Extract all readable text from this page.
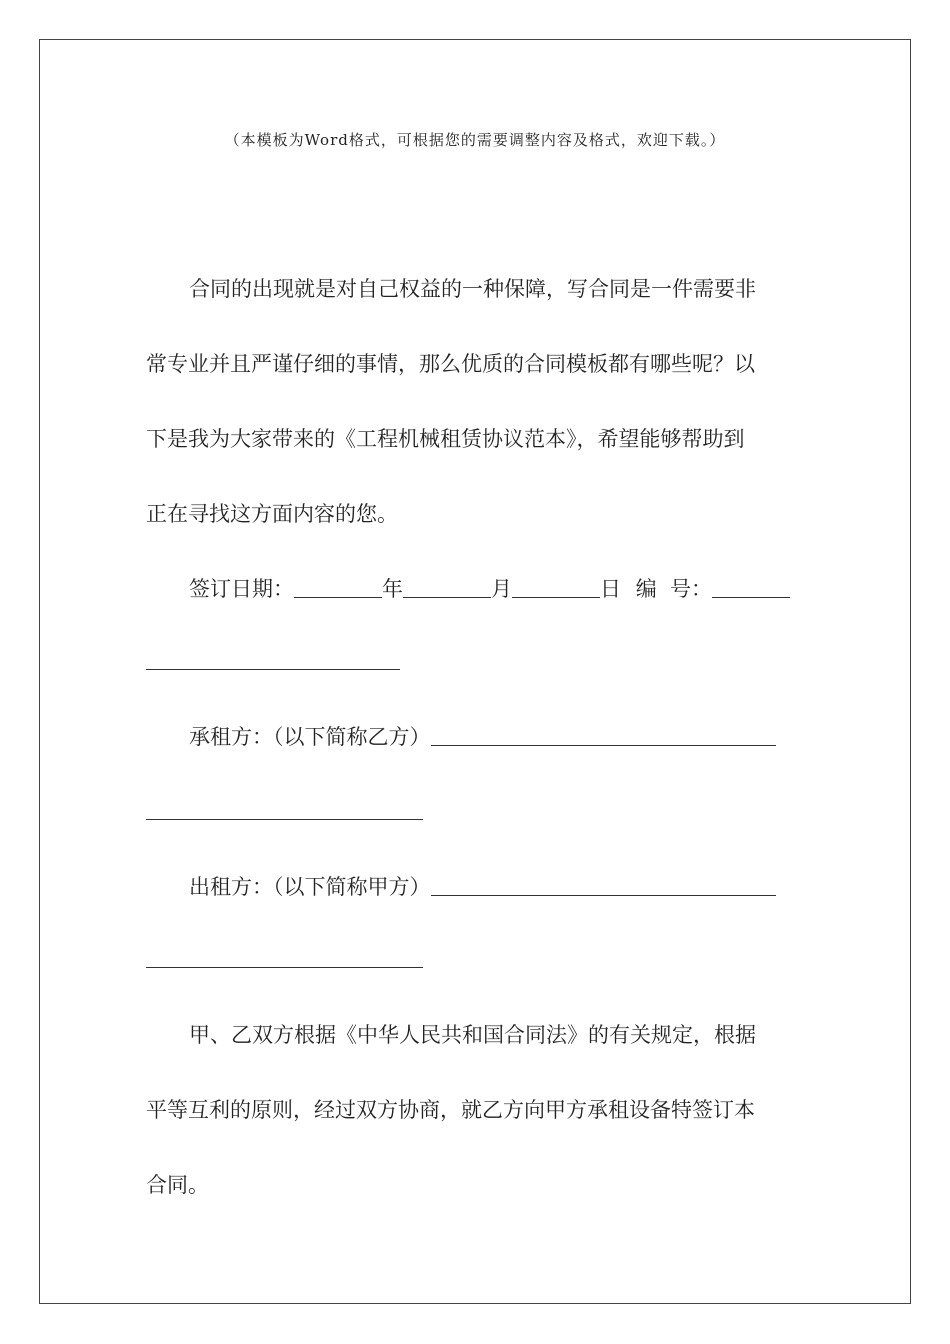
（本模板为Word格式，可根据您的需要调整内容及格式，欢迎下载。）
合同的出现就是对自己权益的一种保障，写合同是一件需要非
常专业并且严谨仔细的事情，那么优质的合同模板都有哪些呢？以
下是我为大家带来的《工程机械租赁协议范本》，希望能够帮助到
正在寻找这方面内容的您。
签订日期：	年	月	日 编  号：
承租方：（以下简称乙方）
出租方：（以下简称甲方）
甲、乙双方根据《中华人民共和国合同法》的有关规定，根据
平等互利的原则，经过双方协商，就乙方向甲方承租设备特签订本
合同。
